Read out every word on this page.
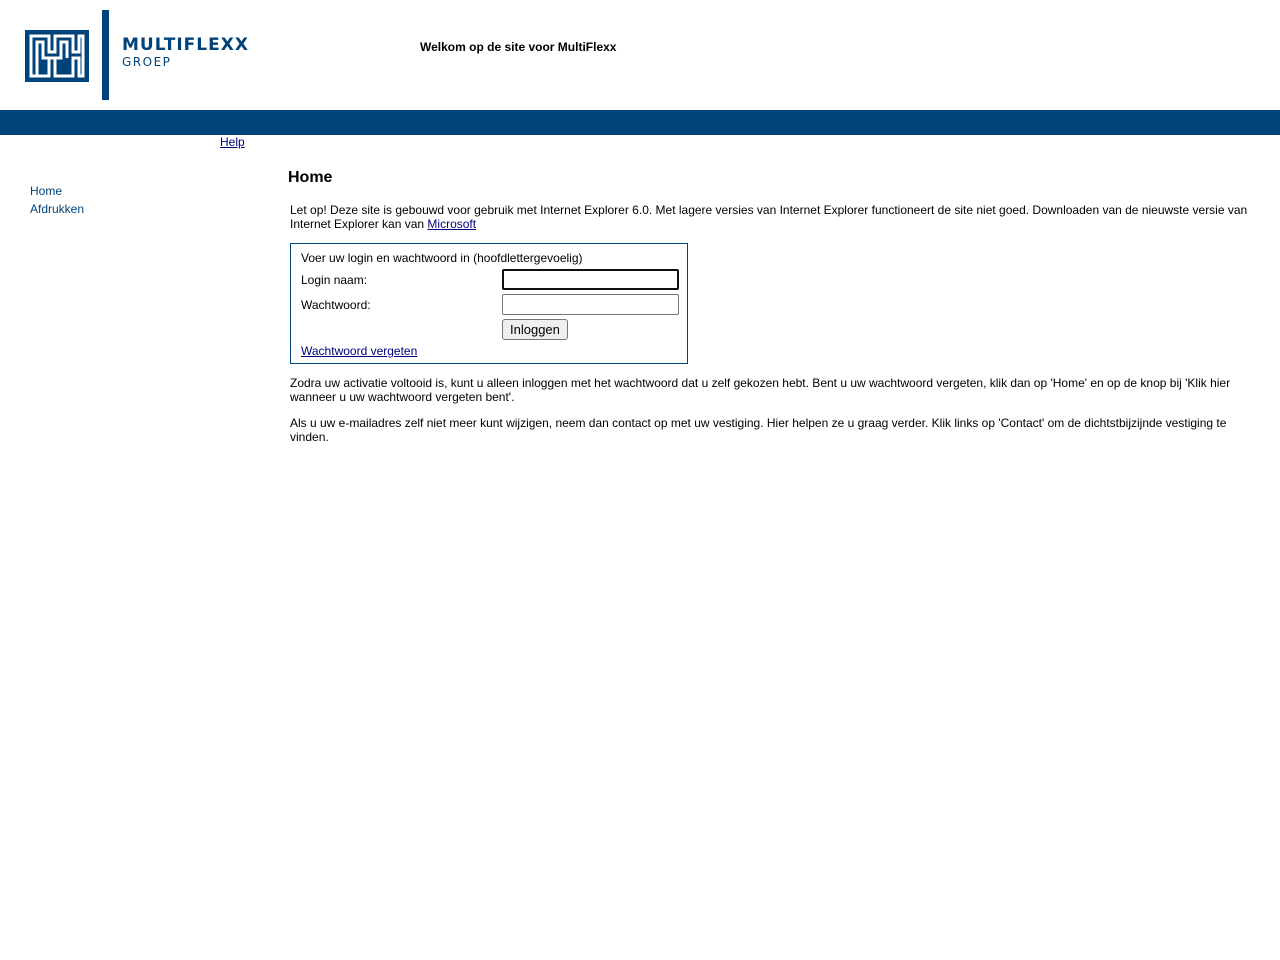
MULTIFLEXX
GROEP
Welkom op de site voor MultiFlexx
Help
Home
Afdrukken
Home

Let op! Deze site is gebouwd voor gebruik met Internet Explorer 6.0. Met lagere versies van Internet Explorer functioneert de site niet goed. Downloaden van de nieuwste versie van Internet Explorer kan van Microsoft

Voer uw login en wachtwoord in (hoofdlettergevoelig)
Login naam:
Wachtwoord:
Inloggen
Wachtwoord vergeten

Zodra uw activatie voltooid is, kunt u alleen inloggen met het wachtwoord dat u zelf gekozen hebt. Bent u uw wachtwoord vergeten, klik dan op 'Home' en op de knop bij 'Klik hier wanneer u uw wachtwoord vergeten bent'.

Als u uw e-mailadres zelf niet meer kunt wijzigen, neem dan contact op met uw vestiging. Hier helpen ze u graag verder. Klik links op 'Contact' om de dichtstbijzijnde vestiging te vinden.
